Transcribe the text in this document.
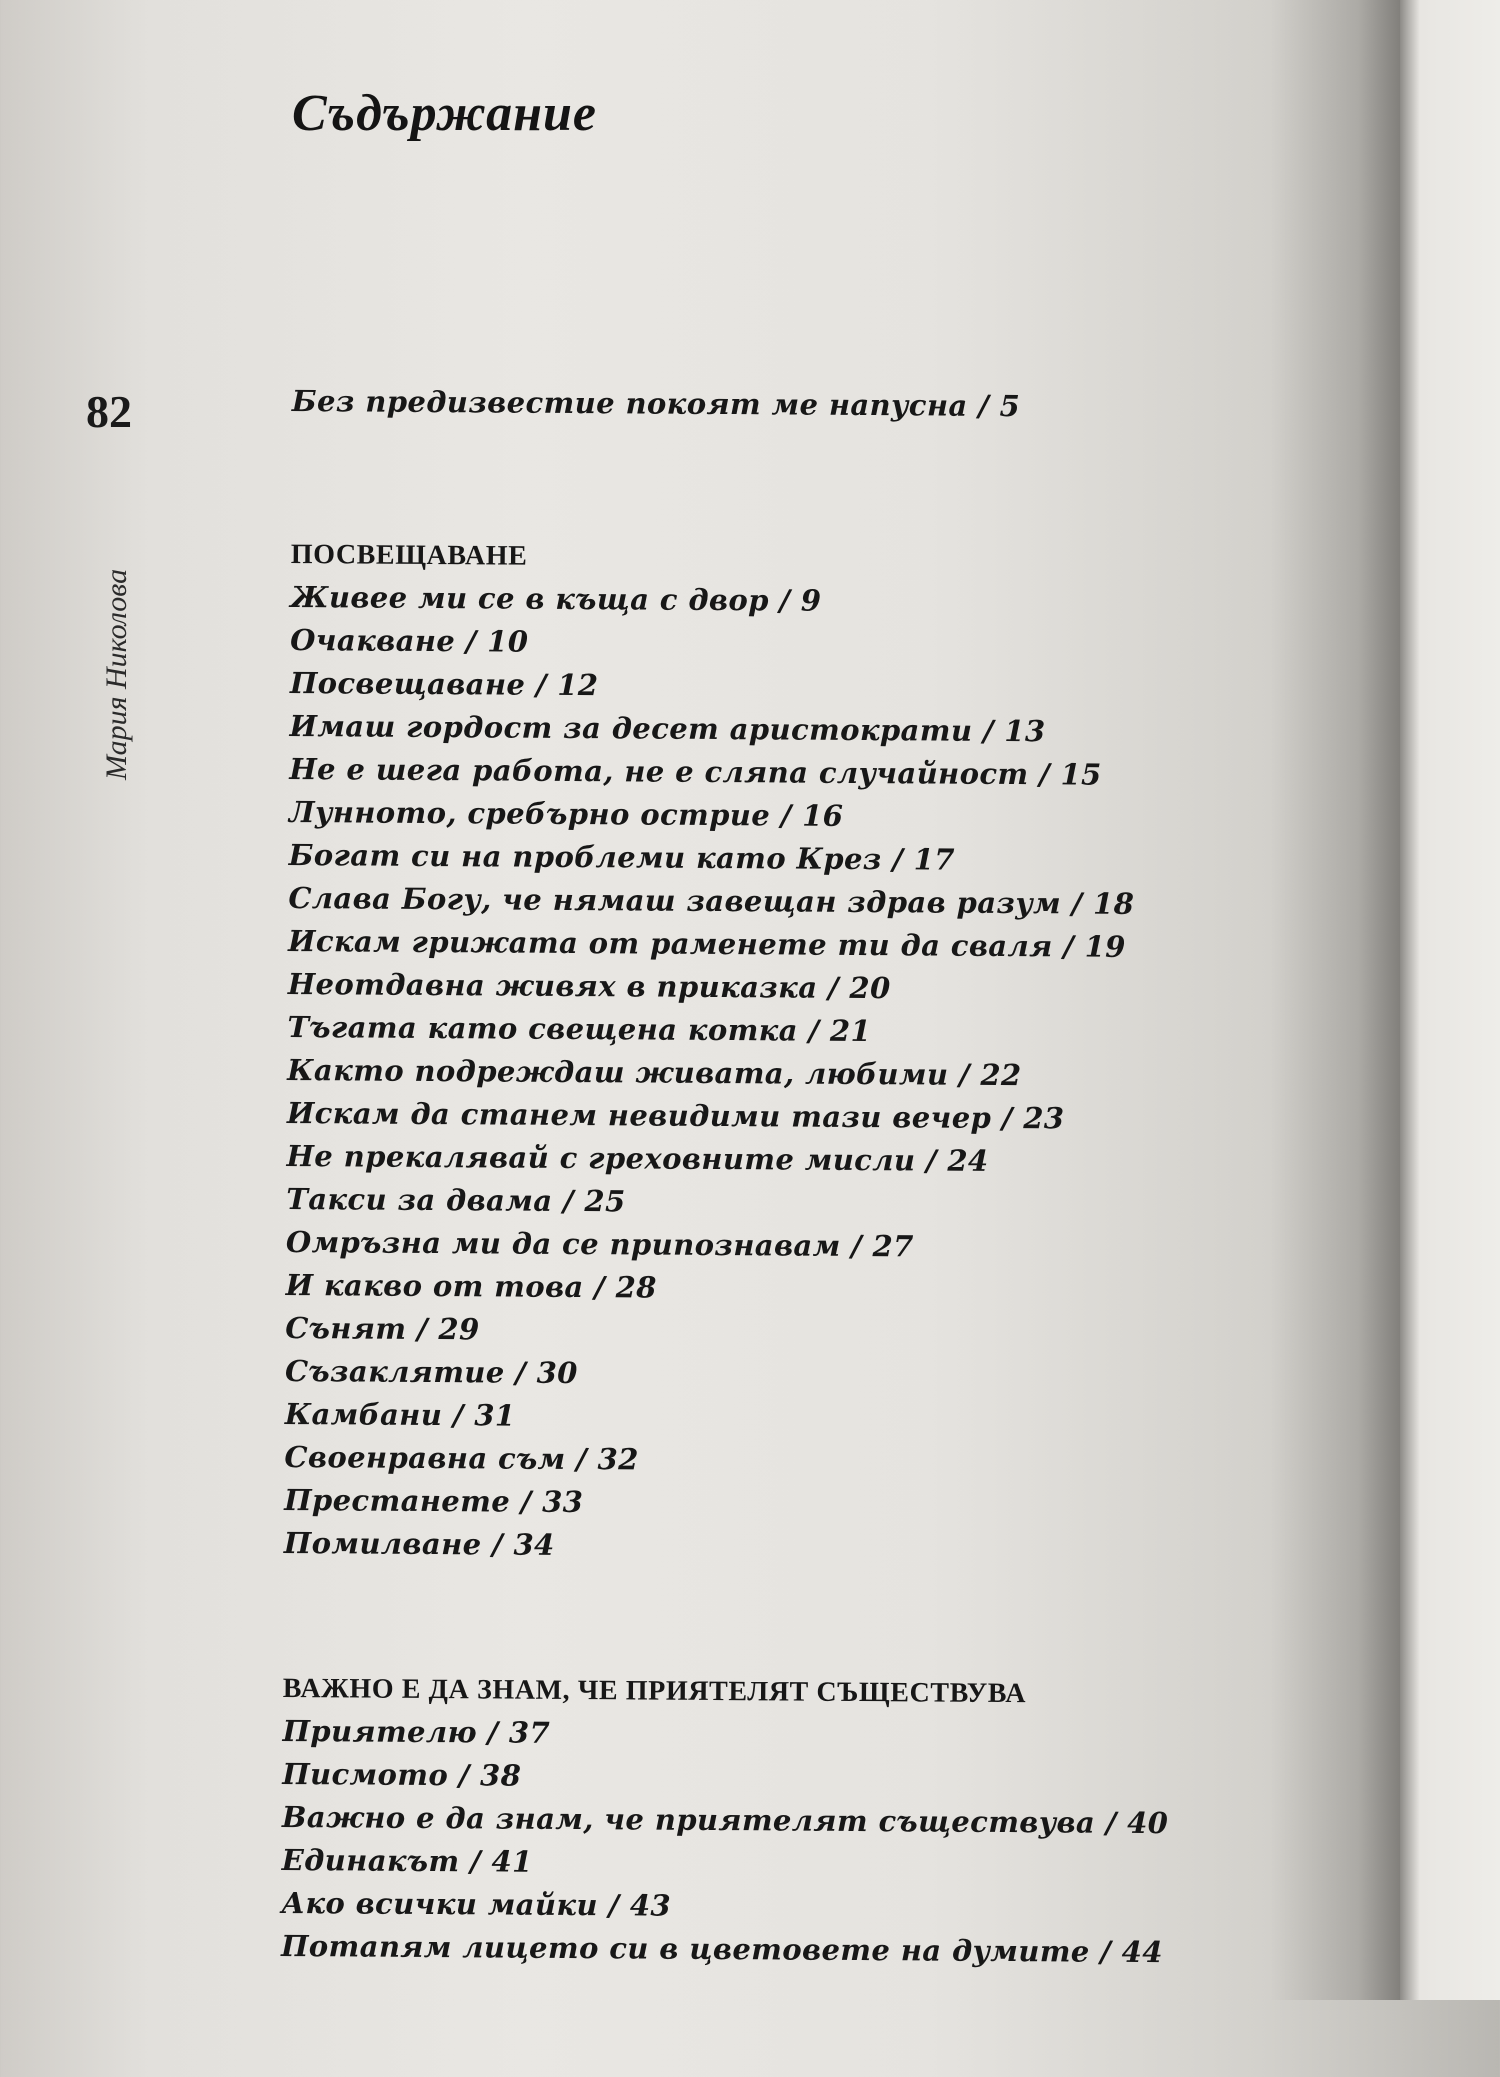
82
Мария Николова
Съдържание
Без предизвестие покоят ме напусна / 5
ПОСВЕЩАВАНЕ
Живее ми се в къща с двор / 9
Очакване / 10
Посвещаване / 12
Имаш гордост за десет аристократи / 13
Не е шега работа, не е сляпа случайност / 15
Лунното, сребърно острие / 16
Богат си на проблеми като Крез / 17
Слава Богу, че нямаш завещан здрав разум / 18
Искам грижата от раменете ти да сваля / 19
Неотдавна живях в приказка / 20
Тъгата като свещена котка / 21
Както подреждаш живата, любими / 22
Искам да станем невидими тази вечер / 23
Не прекалявай с греховните мисли / 24
Такси за двама / 25
Омръзна ми да се припознавам / 27
И какво от това / 28
Сънят / 29
Съзаклятие / 30
Камбани / 31
Своенравна съм / 32
Престанете / 33
Помилване / 34
ВАЖНО Е ДА ЗНАМ, ЧЕ ПРИЯТЕЛЯТ СЪЩЕСТВУВА
Приятелю / 37
Писмото / 38
Важно е да знам, че приятелят съществува / 40
Единакът / 41
Ако всички майки / 43
Потапям лицето си в цветовете на думите / 44
